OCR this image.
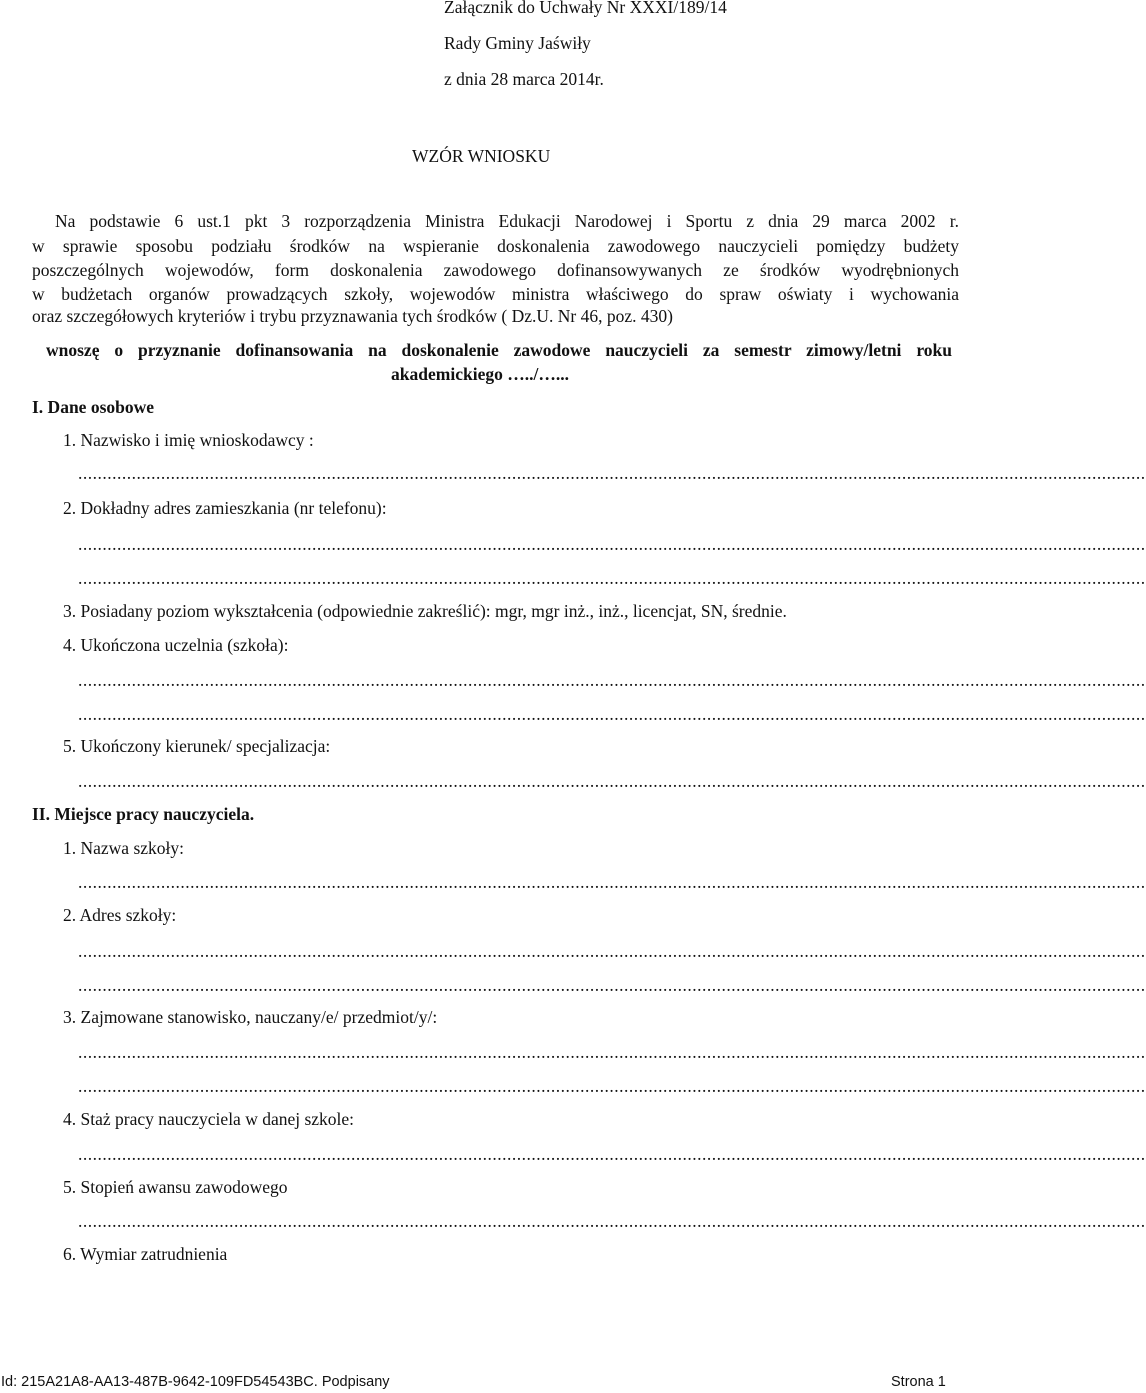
Załącznik do Uchwały Nr XXXI/189/14
Rady Gminy Jaświły
z dnia 28 marca 2014r.
WZÓR WNIOSKU
Na podstawie 6 ust.1 pkt 3 rozporządzenia Ministra Edukacji Narodowej i Sportu z dnia 29 marca 2002 r.
w sprawie sposobu podziału środków na wspieranie doskonalenia zawodowego nauczycieli pomiędzy budżety
poszczególnych wojewodów, form doskonalenia zawodowego dofinansowywanych ze środków wyodrębnionych
w budżetach organów prowadzących szkoły, wojewodów ministra właściwego do spraw oświaty i wychowania
oraz szczegółowych kryteriów i trybu przyznawania tych środków ( Dz.U. Nr 46, poz. 430)
wnoszę o przyznanie dofinansowania na doskonalenie zawodowe nauczycieli za semestr zimowy/letni roku
akademickiego …../…...
I. Dane osobowe
1. Nazwisko i imię wnioskodawcy :
...........................................................................................................................................................................................................................
2. Dokładny adres zamieszkania (nr telefonu):
...........................................................................................................................................................................................................................
...........................................................................................................................................................................................................................
3. Posiadany poziom wykształcenia (odpowiednie zakreślić): mgr, mgr inż., inż., licencjat, SN, średnie.
4. Ukończona uczelnia (szkoła):
...........................................................................................................................................................................................................................
...........................................................................................................................................................................................................................
5. Ukończony kierunek/ specjalizacja:
...........................................................................................................................................................................................................................
II. Miejsce pracy nauczyciela.
1. Nazwa szkoły:
...........................................................................................................................................................................................................................
2. Adres szkoły:
...........................................................................................................................................................................................................................
...........................................................................................................................................................................................................................
3. Zajmowane stanowisko, nauczany/e/ przedmiot/y/:
...........................................................................................................................................................................................................................
...........................................................................................................................................................................................................................
4. Staż pracy nauczyciela w danej szkole:
...........................................................................................................................................................................................................................
5. Stopień awansu zawodowego
...........................................................................................................................................................................................................................
6. Wymiar zatrudnienia
Id: 215A21A8-AA13-487B-9642-109FD54543BC. Podpisany	Strona 1
